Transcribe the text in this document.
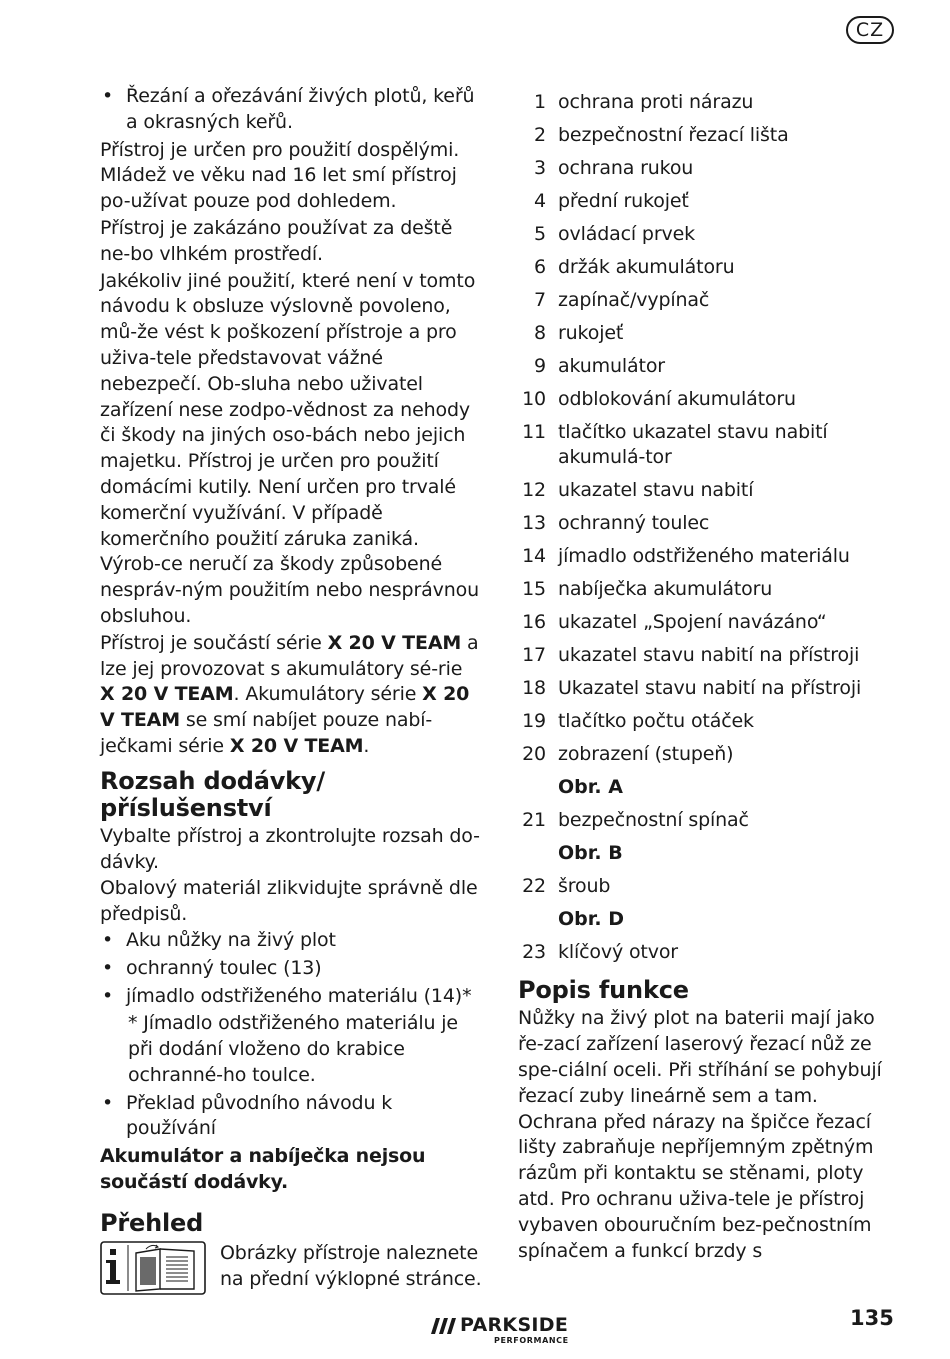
CZ
• Řezání a ořezávání živých plotů, keřů a okrasných keřů.

Přístroj je určen pro použití dospělými. Mládež ve věku nad 16 let smí přístroj po-užívat pouze pod dohledem.

Přístroj je zakázáno používat za deště ne-bo vlhkém prostředí.

Jakékoliv jiné použití, které není v tomto návodu k obsluze výslovně povoleno, mů-že vést k poškození přístroje a pro uživa-tele představovat vážné nebezpečí. Ob-sluha nebo uživatel zařízení nese zodpo-vědnost za nehody či škody na jiných oso-bách nebo jejich majetku. Přístroj je určen pro použití domácími kutily. Není určen pro trvalé komerční využívání. V případě komerčního použití záruka zaniká. Výrob-ce neručí za škody způsobené nespráv-ným použitím nebo nesprávnou obsluhou.

Přístroj je součástí série X 20 V TEAM a lze jej provozovat s akumulátory sé-rie X 20 V TEAM. Akumulátory série X 20 V TEAM se smí nabíjet pouze nabí-ječkami série X 20 V TEAM.

Rozsah dodávky/ příslušenství

Vybalte přístroj a zkontrolujte rozsah do-dávky.

Obalový materiál zlikvidujte správně dle předpisů.

• Aku nůžky na živý plot
• ochranný toulec (13)
• jímadlo odstřiženého materiálu (14)*
* Jímadlo odstřiženého materiálu je při dodání vloženo do krabice ochranné-ho toulce.
• Překlad původního návodu k používání
Akumulátor a nabíječka nejsou součástí dodávky.
Přehled
Obrázky přístroje naleznete na přední výklopné stránce.
1 ochrana proti nárazu
2 bezpečnostní řezací lišta
3 ochrana rukou
4 přední rukojeť
5 ovládací prvek
6 držák akumulátoru
7 zapínač/vypínač
8 rukojeť
9 akumulátor
10 odblokování akumulátoru
11 tlačítko ukazatel stavu nabití akumulá-tor
12 ukazatel stavu nabití
13 ochranný toulec
14 jímadlo odstřiženého materiálu
15 nabíječka akumulátoru
16 ukazatel „Spojení navázáno“
17 ukazatel stavu nabití na přístroji
18 Ukazatel stavu nabití na přístroji
19 tlačítko počtu otáček
20 zobrazení (stupeň)
Obr. A
21 bezpečnostní spínač
Obr. B
22 šroub
Obr. D
23 klíčový otvor
Popis funkce

Nůžky na živý plot na baterii mají jako ře-zací zařízení laserový řezací nůž ze spe-ciální oceli. Při stříhání se pohybují řezací zuby lineárně sem a tam. Ochrana před nárazy na špičce řezací lišty zabraňuje nepříjemným zpětným rázům při kontaktu se stěnami, ploty atd. Pro ochranu uživa-tele je přístroj vybaven obouručním bez-pečnostním spínačem a funkcí brzdy s

PARKSIDE
PERFORMANCE
135
